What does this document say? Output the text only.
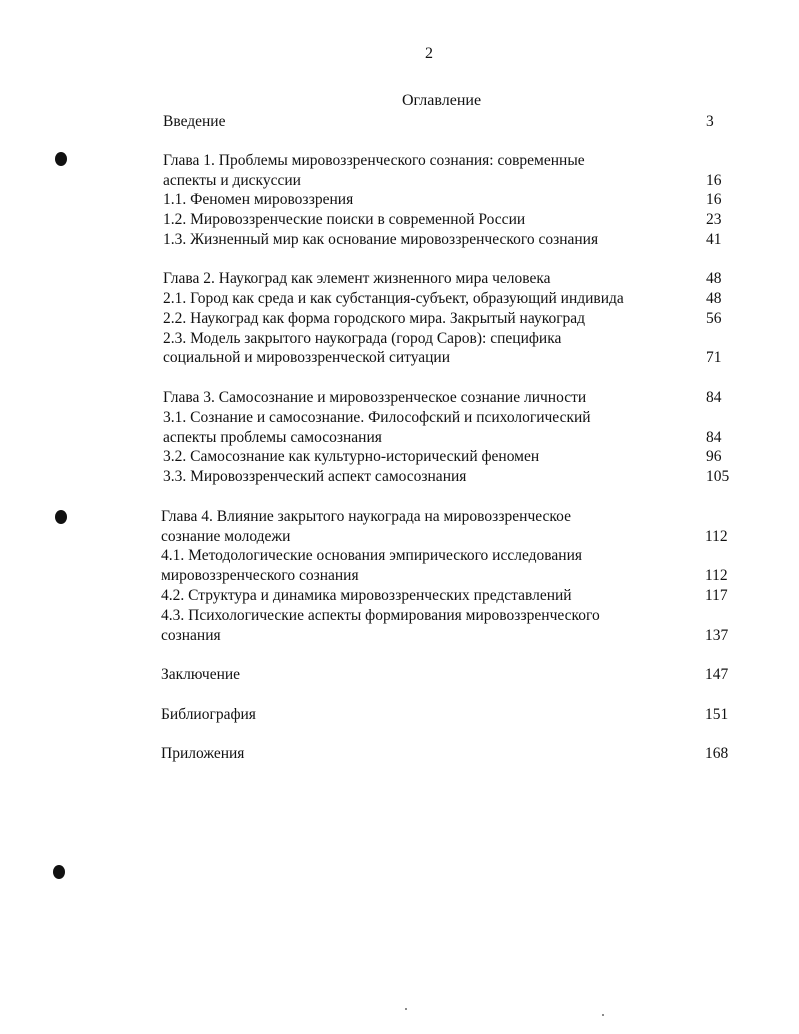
2
Оглавление
Введение	3
Глава 1. Проблемы мировоззренческого сознания: современные
аспекты и дискуссии	16
1.1. Феномен мировоззрения	16
1.2. Мировоззренческие поиски в современной России	23
1.3. Жизненный мир как основание мировоззренческого сознания	41
Глава 2. Наукоград как элемент жизненного мира человека	48
2.1. Город как среда и как субстанция-субъект, образующий индивида	48
2.2. Наукоград как форма городского мира. Закрытый наукоград	56
2.3. Модель закрытого наукограда (город Саров): специфика
социальной и мировоззренческой ситуации	71
Глава 3. Самосознание и мировоззренческое сознание личности	84
3.1. Сознание и самосознание. Философский и психологический
аспекты проблемы самосознания	84
3.2. Самосознание как культурно-исторический феномен	96
3.3. Мировоззренческий аспект самосознания	105
Глава 4. Влияние закрытого наукограда на мировоззренческое
сознание молодежи	112
4.1. Методологические основания эмпирического исследования
мировоззренческого сознания	112
4.2. Структура и динамика мировоззренческих представлений	117
4.3. Психологические аспекты формирования мировоззренческого
сознания	137
Заключение	147
Библиография	151
Приложения	168
